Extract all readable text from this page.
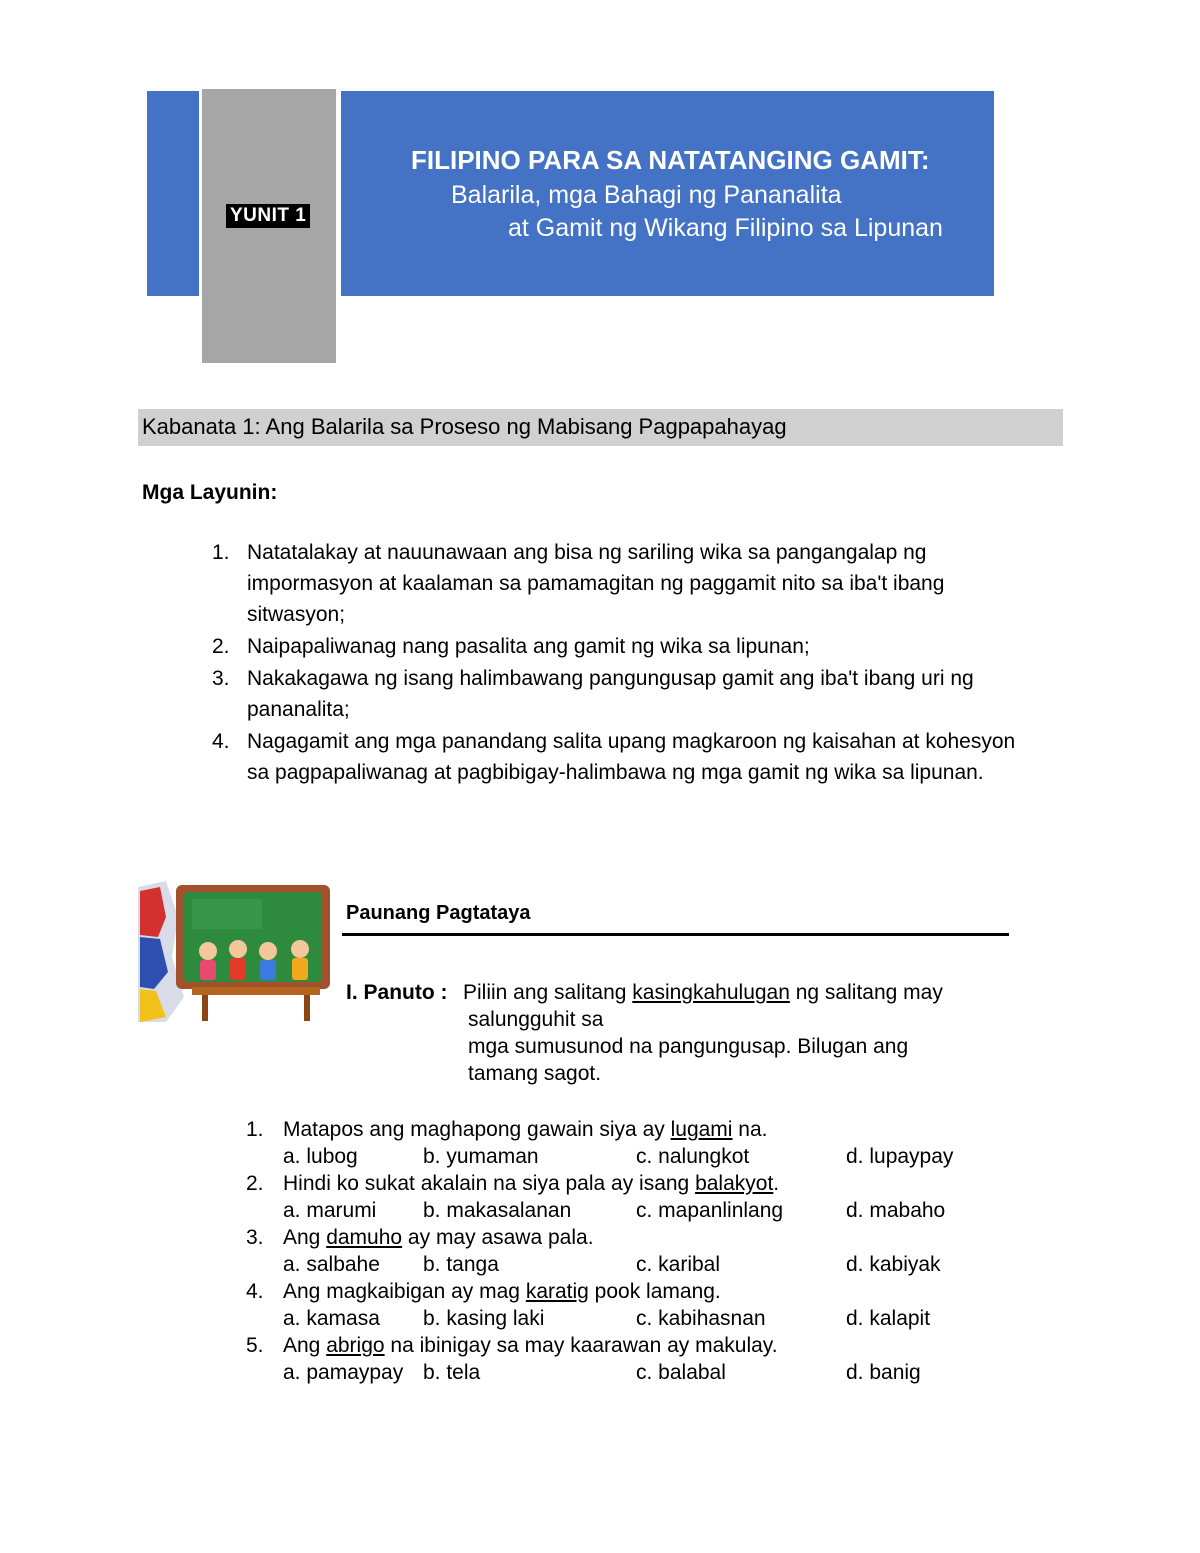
YUNIT 1
FILIPINO PARA SA NATATANGING GAMIT:
Balarila, mga Bahagi ng Pananalita
at Gamit ng Wikang Filipino sa Lipunan
Kabanata 1: Ang Balarila sa Proseso ng Mabisang Pagpapahayag
Mga Layunin:
1. Natatalakay at nauunawaan ang bisa ng sariling wika sa pangangalap ng impormasyon at kaalaman sa pamamagitan ng paggamit nito sa iba't ibang sitwasyon;
2. Naipapaliwanag nang pasalita ang gamit ng wika sa lipunan;
3. Nakakagawa ng isang halimbawang pangungusap gamit ang iba't ibang uri ng pananalita;
4. Nagagamit ang mga panandang salita upang magkaroon ng kaisahan at kohesyon sa pagpapaliwanag at pagbibigay-halimbawa ng mga gamit ng wika sa lipunan.
Paunang Pagtataya
I. Panuto : Piliin ang salitang kasingkahulugan ng salitang may
salungguhit sa
mga sumusunod na pangungusap. Bilugan ang
tamang sagot.
1. Matapos ang maghapong gawain siya ay lugami na.
a. lubog	b. yumaman	c. nalungkot	d. lupaypay
2. Hindi ko sukat akalain na siya pala ay isang balakyot.
a. marumi b. makasalanan	c. mapanlinlang	d. mabaho
3. Ang damuho ay may asawa pala.
a. salbahe b. tanga	c. karibal	d. kabiyak
4. Ang magkaibigan ay mag karatig pook lamang.
a. kamasa b. kasing laki	c. kabihasnan	d. kalapit
5. Ang abrigo na ibinigay sa may kaarawan ay makulay.
a. pamaypay b. tela	c. balabal	d. banig
